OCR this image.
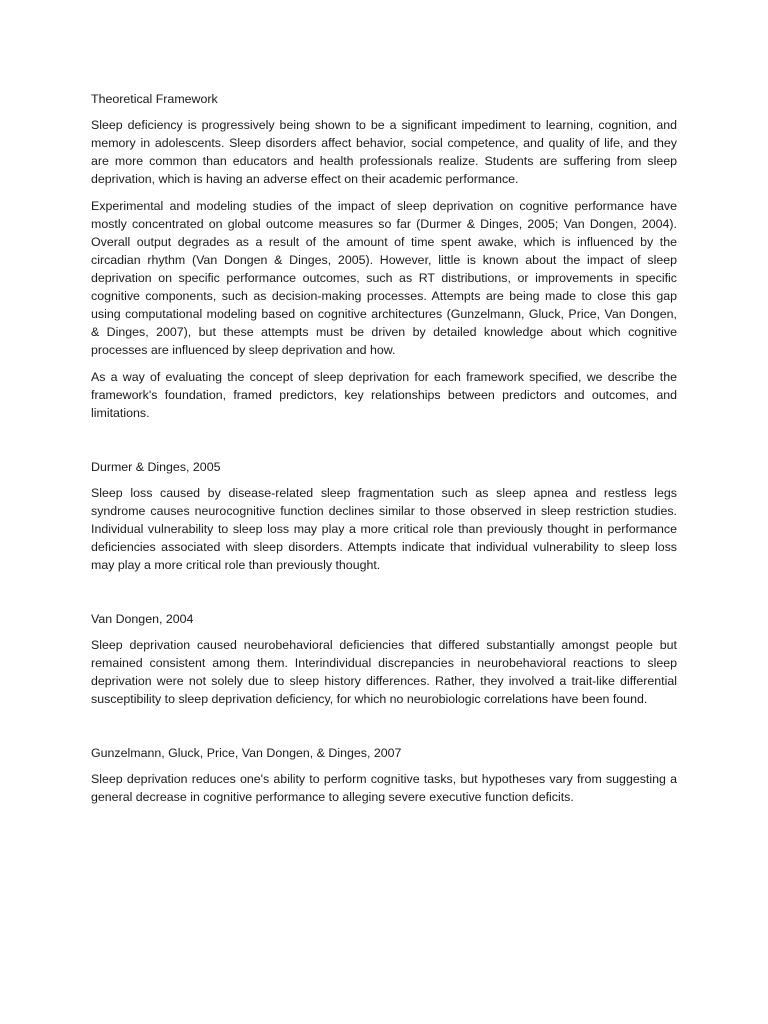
Theoretical Framework

Sleep deficiency is progressively being shown to be a significant impediment to learning, cognition, and memory in adolescents. Sleep disorders affect behavior, social competence, and quality of life, and they are more common than educators and health professionals realize. Students are suffering from sleep deprivation, which is having an adverse effect on their academic performance.

Experimental and modeling studies of the impact of sleep deprivation on cognitive performance have mostly concentrated on global outcome measures so far (Durmer & Dinges, 2005; Van Dongen, 2004). Overall output degrades as a result of the amount of time spent awake, which is influenced by the circadian rhythm (Van Dongen & Dinges, 2005). However, little is known about the impact of sleep deprivation on specific performance outcomes, such as RT distributions, or improvements in specific cognitive components, such as decision-making processes. Attempts are being made to close this gap using computational modeling based on cognitive architectures (Gunzelmann, Gluck, Price, Van Dongen, & Dinges, 2007), but these attempts must be driven by detailed knowledge about which cognitive processes are influenced by sleep deprivation and how.

As a way of evaluating the concept of sleep deprivation for each framework specified, we describe the framework's foundation, framed predictors, key relationships between predictors and outcomes, and limitations.

Durmer & Dinges, 2005

Sleep loss caused by disease-related sleep fragmentation such as sleep apnea and restless legs syndrome causes neurocognitive function declines similar to those observed in sleep restriction studies. Individual vulnerability to sleep loss may play a more critical role than previously thought in performance deficiencies associated with sleep disorders. Attempts indicate that individual vulnerability to sleep loss may play a more critical role than previously thought.

Van Dongen, 2004

Sleep deprivation caused neurobehavioral deficiencies that differed substantially amongst people but remained consistent among them. Interindividual discrepancies in neurobehavioral reactions to sleep deprivation were not solely due to sleep history differences. Rather, they involved a trait-like differential susceptibility to sleep deprivation deficiency, for which no neurobiologic correlations have been found.

Gunzelmann, Gluck, Price, Van Dongen, & Dinges, 2007

Sleep deprivation reduces one's ability to perform cognitive tasks, but hypotheses vary from suggesting a general decrease in cognitive performance to alleging severe executive function deficits.
